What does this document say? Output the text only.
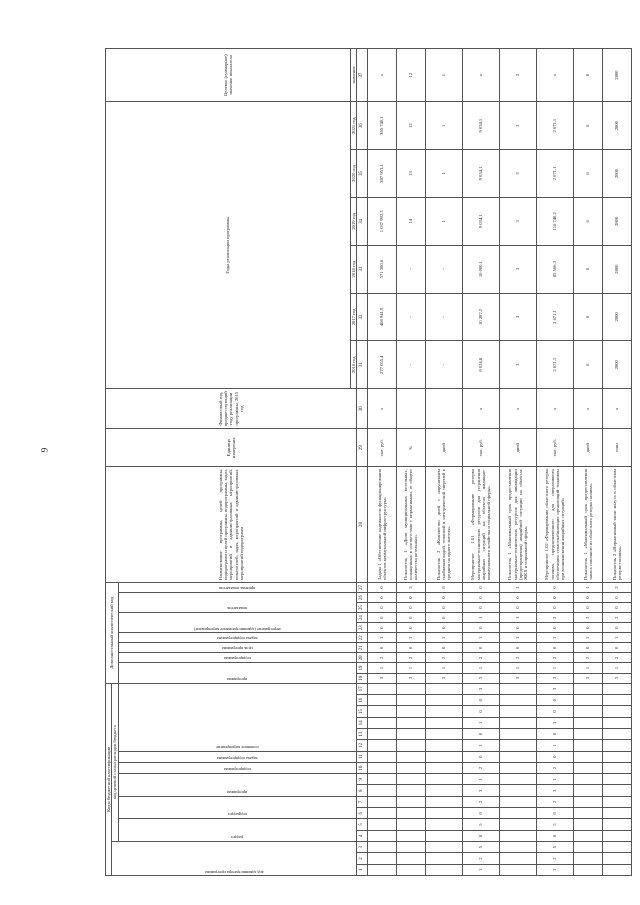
9
Коды бюджетной классификации																	Дополнительный аналитический код										Наименование программы, целей программы, подпрограмм и целей программы, подпрограммы, задач, мероприятий и административных мероприятий, показателей, задач, мероприятий и административных мероприятий подпрограмм	Единица измерения	Финансовый год, предшествующий году реализации программы, 2015 год	Годы реализации программы						Целевое (суммарное) значение показателя

код администратора программы			код целевой статьи расходов бюджета																																	

			раздел		подраздел		программа		подпрограмма	задача подпрограммы	основное мероприятие						программа		подпрограмма	цель программы	задача подпрограммы	мероприятие (административное мероприятие)		показатель		признак показателя										

																														2016 год	2017 год	2018 год	2019 год	2020 год	2021 год	значение
1	2	3	4	5	6	7	8	9	10	11	12	13	14	15	16	17	18	19	20	21	22	23	24	25	26	27	28	29	30	31	32	33	34	35	36	37
																	3	1	2	0	1	0	0	0	0	0	Задача 1 «Обеспечение надежности функционирования объектов коммунальной инфраструктуры»	тыс. руб.	х	277 055,4	408 941,9	571 300,6	1 037 992,3	387 953,1	365 740,1	х
																	3	1	2	0	1	0	0	0	0	5	Показатель 1 «Доля муниципальных котельных, оснащенных в соответствии с нормативами, от общего количества котельных»	%		-	-	-	14	13	12	12
																	3	1	2	0	1	0	0	0	0	6	Показатель 2 «Количество дней с нарушением снабжения водой, тепловой и электрической энергией в среднем на одного жителя»	дней		-	-	-	1	1	1	1
1	2	5	0	5	0	2	3	1	2	0	1	0	1	0	0	3	3	1	2	0	1	0	1	0	0	0	Мероприятие 1.01 «Формирование резерва материально-технических ресурсов для устранения аварийных ситуаций на объектах жилищно-коммунального хозяйства и социальной сферы»	тыс. руб.	х	8 024,8	10 287,2	10 000,1	9 034,1	9 034,1	9 034,1	х
																	3	1	2	0	1	0	1	0	0	1	Показатель 1 «Максимальный срок предоставления материально-технических ресурсов для ликвидации (предотвращения) аварийной ситуации на объектах ЖКХ и социальной сферы»	дней	х	3	3	3	3	3	3	3
1	2	5	0	5	0	2	3	1	2	0	1	0	1	0	0	3	3	1	2	0	1	0	2	0	0	0	Мероприятие 1.02 «Формирование областного резерва топлива, предназначенного для оперативного обеспечения теплоснабжающих организаций топливом при возникновении аварийных ситуаций»	тыс. руб.	х	2 671,1	2 671,1	85 566,3	116 740,2	2 671,1	2 671,1	х
																	3	1	2	0	1	0	2	0	0	1	Показатель 1 «Максимальный срок предоставления запаса топочного из областного резерва топлива»	дней	х	6	6	6	6	6	6	6
																	3	1	2	0	1	0	2	0	0	2	Показатель 2 «Нормативный запас мазута в областном резерве топлива»	тонн	х	2800	2800	2800	2800	2800	2800	2800
